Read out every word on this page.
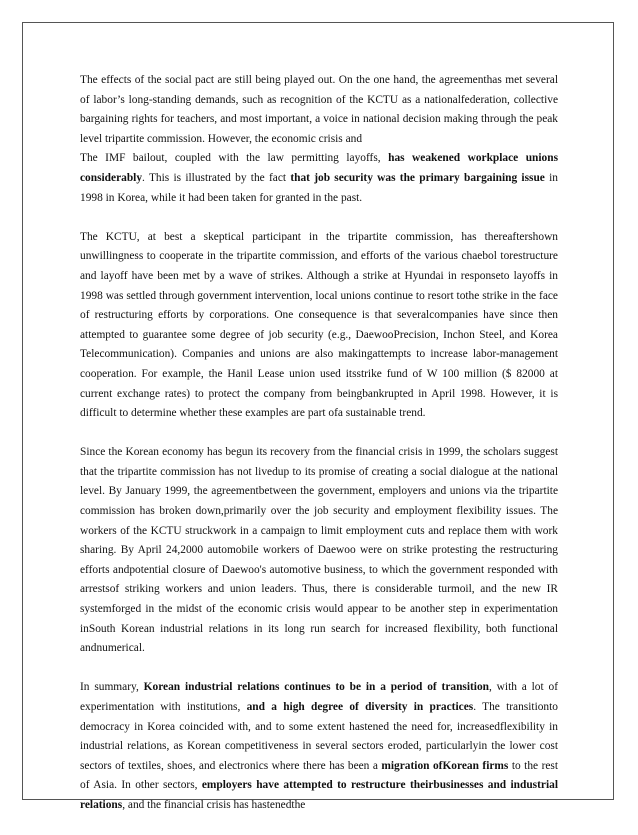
The effects of the social pact are still being played out. On the one hand, the agreementhas met several of labor’s long-standing demands, such as recognition of the KCTU as a nationalfederation, collective bargaining rights for teachers, and most important, a voice in national decision making through the peak level tripartite commission. However, the economic crisis and

The IMF bailout, coupled with the law permitting layoffs, has weakened workplace unions considerably. This is illustrated by the fact that job security was the primary bargaining issue in 1998 in Korea, while it had been taken for granted in the past.

The KCTU, at best a skeptical participant in the tripartite commission, has thereaftershown unwillingness to cooperate in the tripartite commission, and efforts of the various chaebol torestructure and layoff have been met by a wave of strikes. Although a strike at Hyundai in responseto layoffs in 1998 was settled through government intervention, local unions continue to resort tothe strike in the face of restructuring efforts by corporations. One consequence is that severalcompanies have since then attempted to guarantee some degree of job security (e.g., DaewooPrecision, Inchon Steel, and Korea Telecommunication). Companies and unions are also makingattempts to increase labor-management cooperation. For example, the Hanil Lease union used itsstrike fund of W 100 million ($ 82000 at current exchange rates) to protect the company from beingbankrupted in April 1998. However, it is difficult to determine whether these examples are part ofa sustainable trend.

Since the Korean economy has begun its recovery from the financial crisis in 1999, the scholars suggest that the tripartite commission has not livedup to its promise of creating a social dialogue at the national level. By January 1999, the agreementbetween the government, employers and unions via the tripartite commission has broken down,primarily over the job security and employment flexibility issues. The workers of the KCTU struckwork in a campaign to limit employment cuts and replace them with work sharing. By April 24,2000 automobile workers of Daewoo were on strike protesting the restructuring efforts andpotential closure of Daewoo's automotive business, to which the government responded with arrestsof striking workers and union leaders. Thus, there is considerable turmoil, and the new IR systemforged in the midst of the economic crisis would appear to be another step in experimentation inSouth Korean industrial relations in its long run search for increased flexibility, both functional andnumerical.

In summary, Korean industrial relations continues to be in a period of transition, with a lot of experimentation with institutions, and a high degree of diversity in practices. The transitionto democracy in Korea coincided with, and to some extent hastened the need for, increasedflexibility in industrial relations, as Korean competitiveness in several sectors eroded, particularlyin the lower cost sectors of textiles, shoes, and electronics where there has been a migration ofKorean firms to the rest of Asia. In other sectors, employers have attempted to restructure theirbusinesses and industrial relations, and the financial crisis has hastenedthe
